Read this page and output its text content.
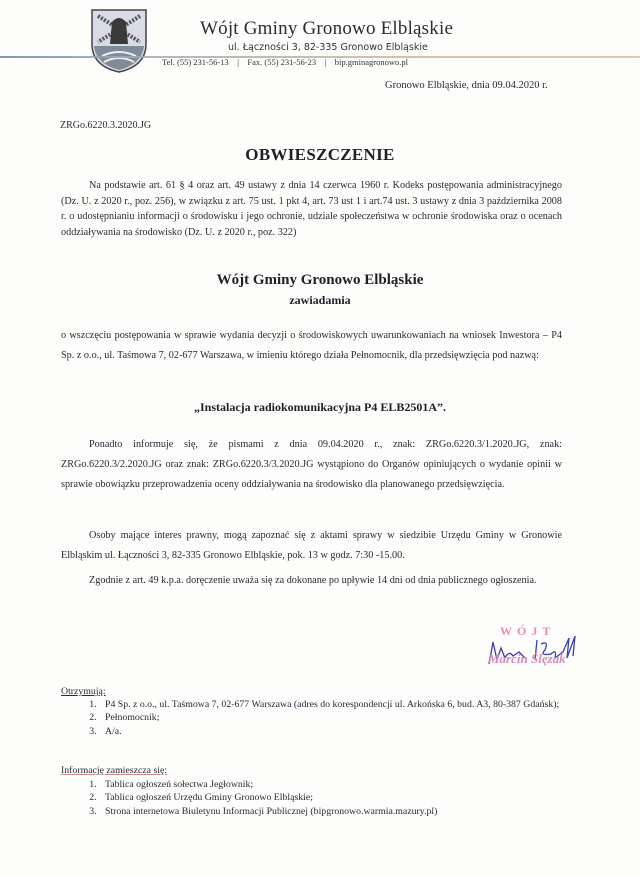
Wójt Gminy Gronowo Elbląskie
ul. Łączności 3, 82-335 Gronowo Elbląskie
Tel. (55) 231-56-13 | Fax. (55) 231-56-23 | bip.gminagronowo.pl
Gronowo Elbląskie, dnia 09.04.2020 r.
ZRGo.6220.3.2020.JG
OBWIESZCZENIE
Na podstawie art. 61 § 4 oraz art. 49 ustawy z dnia 14 czerwca 1960 r. Kodeks postępowania administracyjnego (Dz. U. z 2020 r., poz. 256), w związku z art. 75 ust. 1 pkt 4, art. 73 ust 1 i art.74 ust. 3 ustawy z dnia 3 października 2008 r. o udostępnianiu informacji o środowisku i jego ochronie, udziale społeczeństwa w ochronie środowiska oraz o ocenach oddziaływania na środowisko (Dz. U. z 2020 r., poz. 322)
Wójt Gminy Gronowo Elbląskie
zawiadamia
o wszczęciu postępowania w sprawie wydania decyzji o środowiskowych uwarunkowaniach na wniosek Inwestora – P4 Sp. z o.o., ul. Taśmowa 7, 02-677 Warszawa, w imieniu którego działa Pełnomocnik, dla przedsięwzięcia pod nazwą:
„Instalacja radiokomunikacyjna P4 ELB2501A”.
Ponadto informuje się, że pismami z dnia 09.04.2020 r., znak: ZRGo.6220.3/1.2020.JG, znak: ZRGo.6220.3/2.2020.JG oraz znak: ZRGo.6220.3/3.2020.JG wystąpiono do Organów opiniujących o wydanie opinii w sprawie obowiązku przeprowadzenia oceny oddziaływania na środowisko dla planowanego przedsięwzięcia.
Osoby mające interes prawny, mogą zapoznać się z aktami sprawy w siedzibie Urzędu Gminy w Gronowie Elbląskim ul. Łączności 3, 82-335 Gronowo Elbląskie, pok. 13 w godz. 7:30 -15.00.
Zgodnie z art. 49 k.p.a. doręczenie uważa się za dokonane po upływie 14 dni od dnia publicznego ogłoszenia.
WÓJT
Marcin Ślęzak
Otrzymują:
1. P4 Sp. z o.o., ul. Taśmowa 7, 02-677 Warszawa (adres do korespondencji ul. Arkońska 6, bud. A3, 80-387 Gdańsk);
2. Pełnomocnik;
3. A/a.
Informację zamieszcza się:
1. Tablica ogłoszeń sołectwa Jegłownik;
2. Tablica ogłoszeń Urzędu Gminy Gronowo Elbląskie;
3. Strona internetowa Biuletynu Informacji Publicznej (bipgronowo.warmia.mazury.pl)
